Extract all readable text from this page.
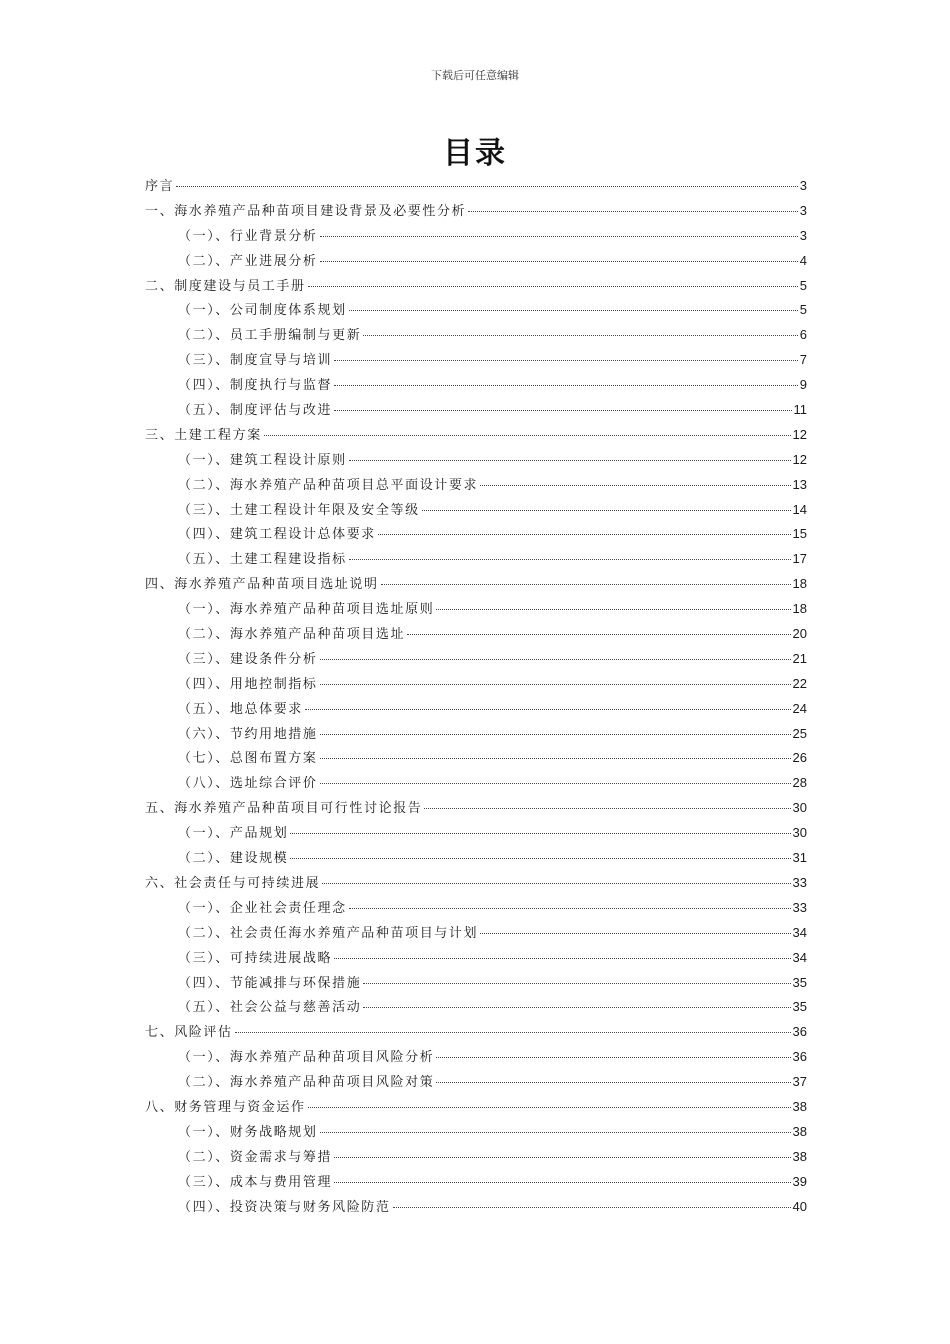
下载后可任意编辑
目录
序言	3
一、海水养殖产品种苗项目建设背景及必要性分析	3
（一）、行业背景分析	3
（二）、产业进展分析	4
二、制度建设与员工手册	5
（一）、公司制度体系规划	5
（二）、员工手册编制与更新	6
（三）、制度宣导与培训	7
（四）、制度执行与监督	9
（五）、制度评估与改进	11
三、土建工程方案	12
（一）、建筑工程设计原则	12
（二）、海水养殖产品种苗项目总平面设计要求	13
（三）、土建工程设计年限及安全等级	14
（四）、建筑工程设计总体要求	15
（五）、土建工程建设指标	17
四、海水养殖产品种苗项目选址说明	18
（一）、海水养殖产品种苗项目选址原则	18
（二）、海水养殖产品种苗项目选址	20
（三）、建设条件分析	21
（四）、用地控制指标	22
（五）、地总体要求	24
（六）、节约用地措施	25
（七）、总图布置方案	26
（八）、选址综合评价	28
五、海水养殖产品种苗项目可行性讨论报告	30
（一）、产品规划	30
（二）、建设规模	31
六、社会责任与可持续进展	33
（一）、企业社会责任理念	33
（二）、社会责任海水养殖产品种苗项目与计划	34
（三）、可持续进展战略	34
（四）、节能减排与环保措施	35
（五）、社会公益与慈善活动	35
七、风险评估	36
（一）、海水养殖产品种苗项目风险分析	36
（二）、海水养殖产品种苗项目风险对策	37
八、财务管理与资金运作	38
（一）、财务战略规划	38
（二）、资金需求与筹措	38
（三）、成本与费用管理	39
（四）、投资决策与财务风险防范	40
